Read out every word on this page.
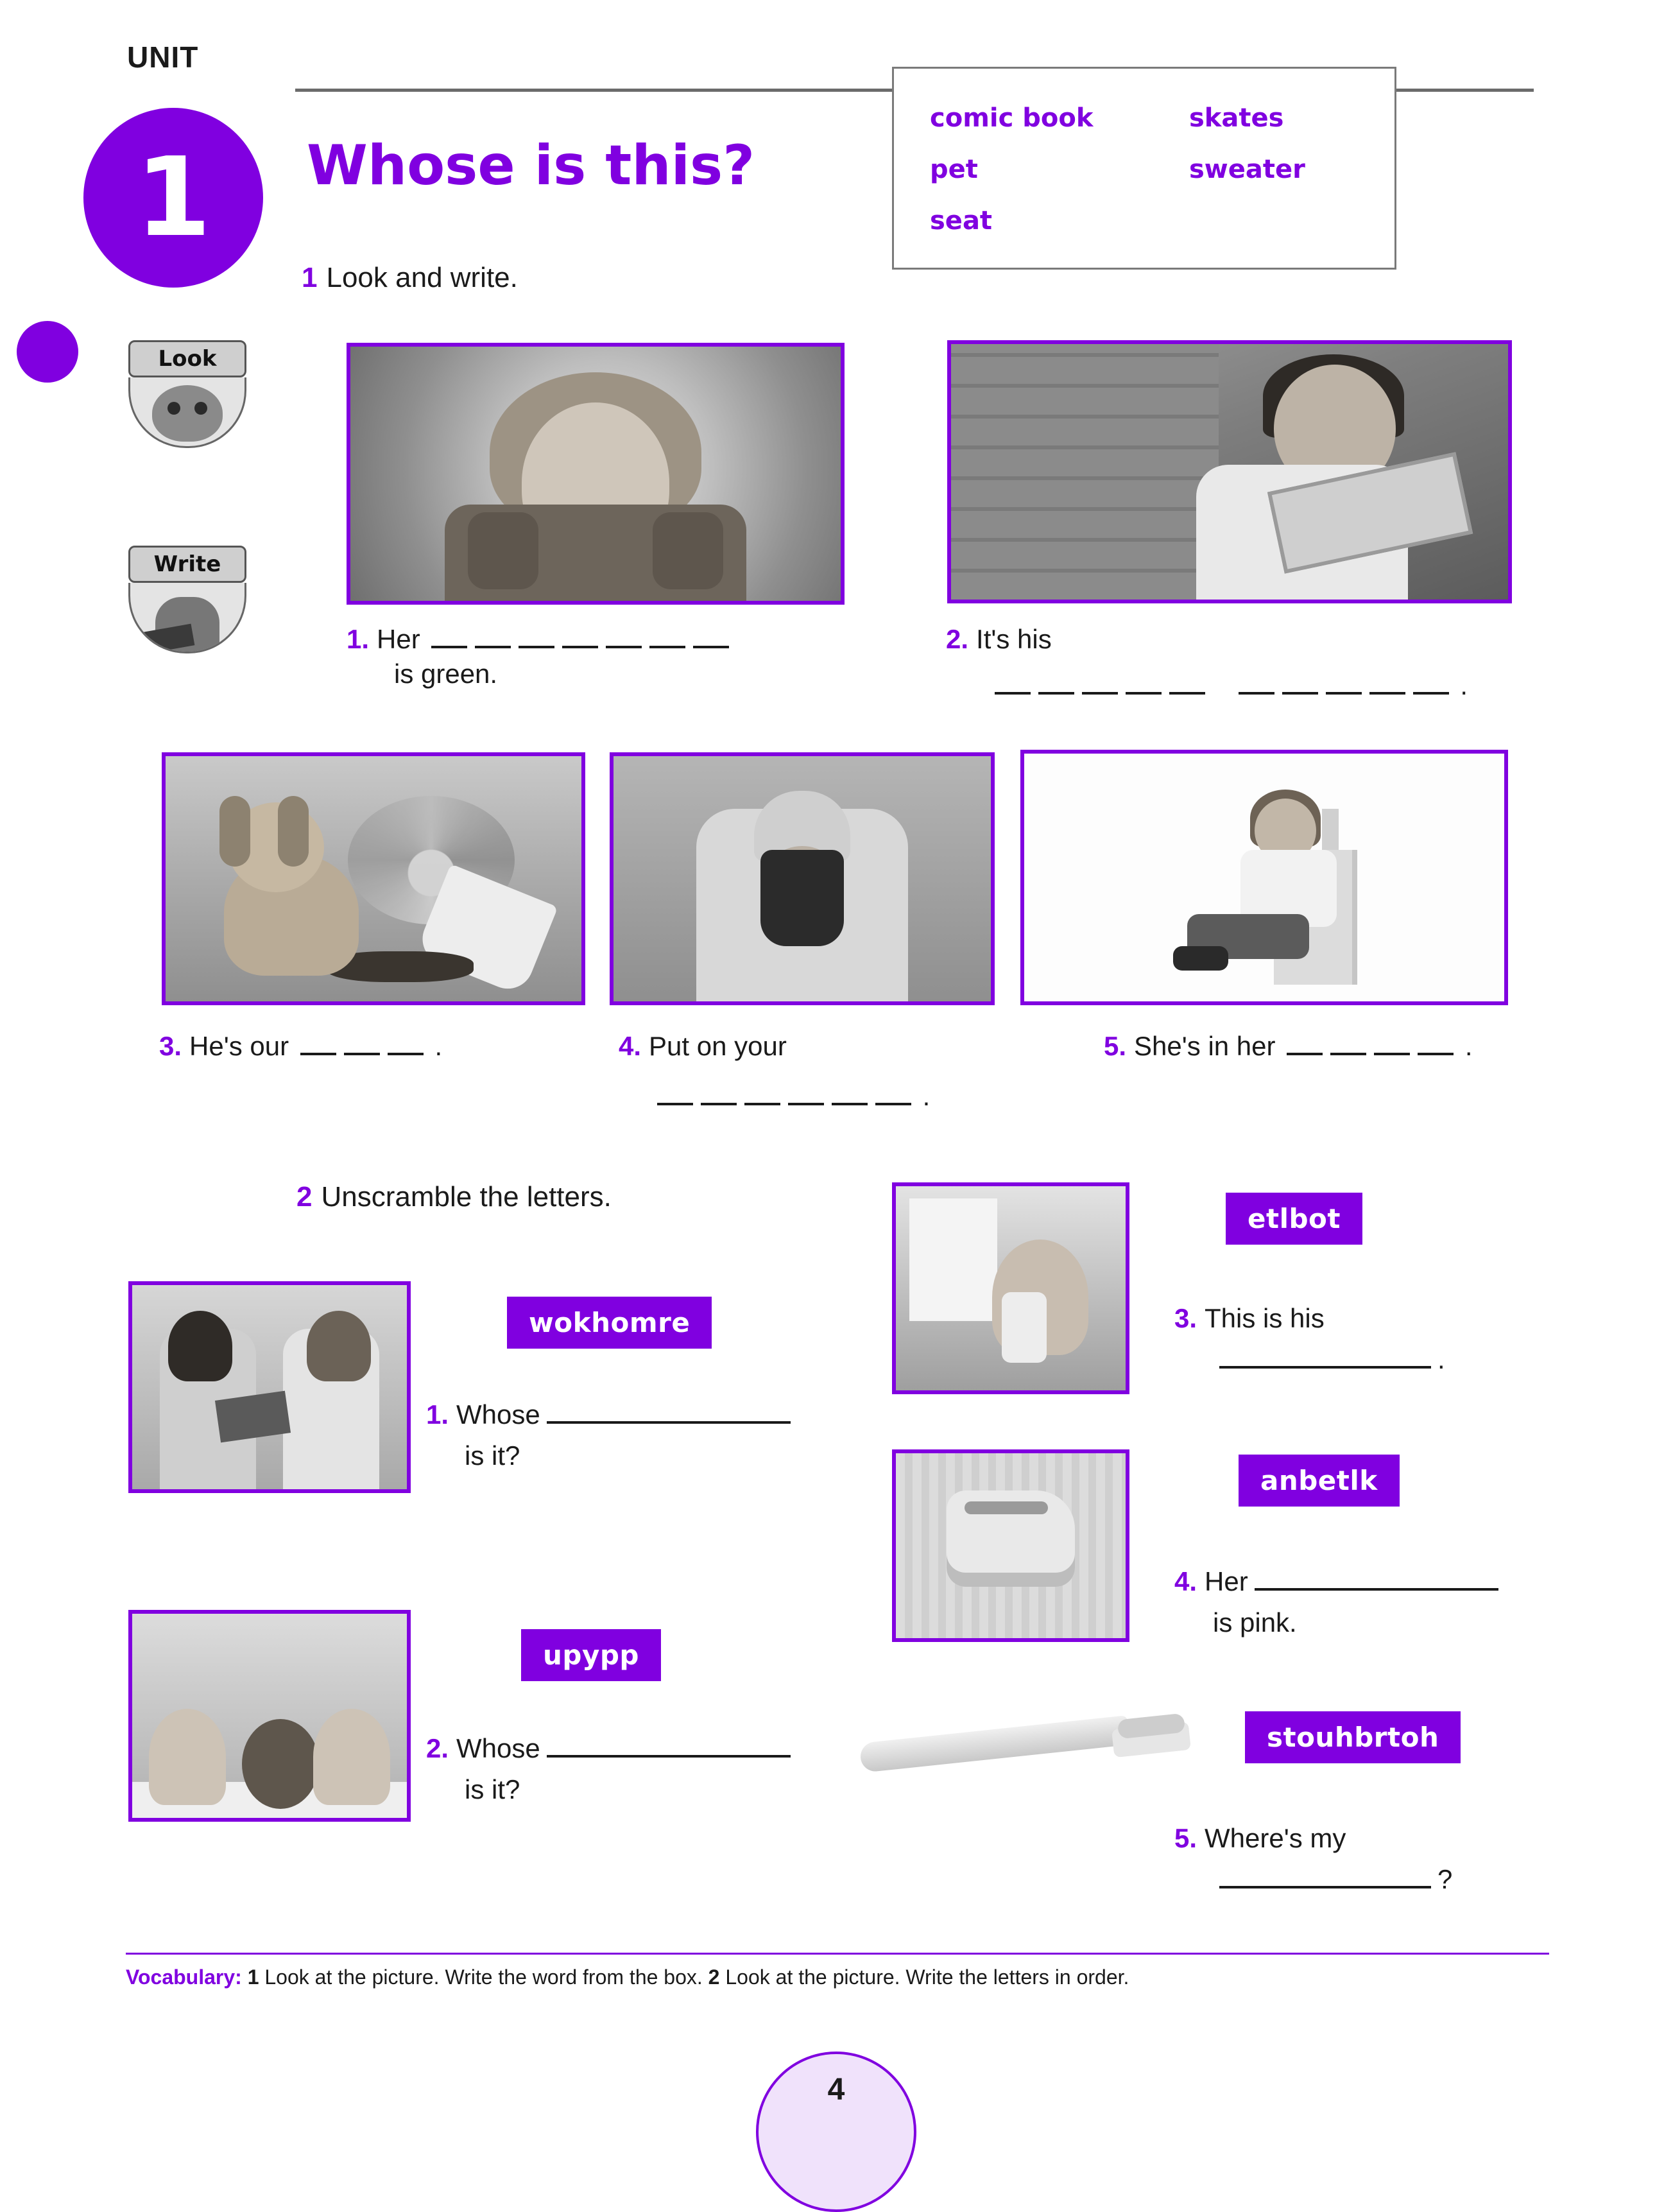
UNIT
1	Whose is this?
comic book
pet
seat
skates
sweater
1 Look and write.
Look
Write
1. Her
is green.
2. It's his
.
3. He's our	.	4. Put on your
.
5. She's in her	.
2 Unscramble the letters.
wokhomre
upypp
etlbot
anbetlk
stouhbrtoh
1. Whose
is it?
2. Whose
is it?
3. This is his
.
4. Her
is pink.
5. Where's my
?
Vocabulary: 1 Look at the picture. Write the word from the box. 2 Look at the picture. Write the letters in order.
4
